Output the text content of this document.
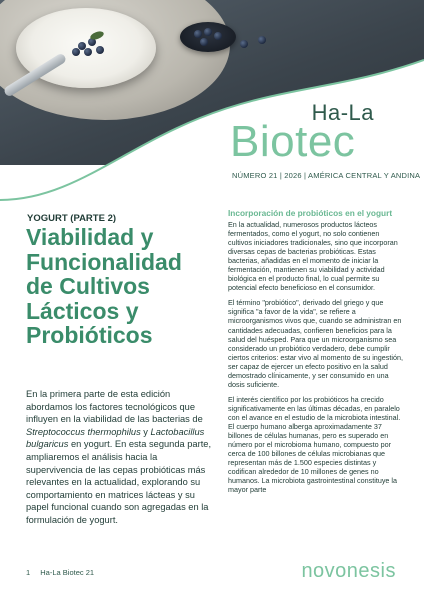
Ha-La
Biotec
NÚMERO 21 | 2026 | AMÉRICA CENTRAL Y ANDINA
YOGURT (PARTE 2)
Viabilidad y Funcionalidad de Cultivos Lácticos y Probióticos

En la primera parte de esta edición abordamos los factores tecnológicos que influyen en la viabilidad de las bacterias de Streptococcus thermophilus y Lactobacillus bulgaricus en yogurt. En esta segunda parte, ampliaremos el análisis hacia la supervivencia de las cepas probióticas más relevantes en la actualidad, explorando su comportamiento en matrices lácteas y su papel funcional cuando son agregadas en la formulación de yogurt.

Incorporación de probióticos en el yogurt

En la actualidad, numerosos productos lácteos fermentados, como el yogurt, no solo contienen cultivos iniciadores tradicionales, sino que incorporan diversas cepas de bacterias probióticas. Estas bacterias, añadidas en el momento de iniciar la fermentación, mantienen su viabilidad y actividad biológica en el producto final, lo cual permite su potencial efecto beneficioso en el consumidor.

El término "probiótico", derivado del griego y que significa "a favor de la vida", se refiere a microorganismos vivos que, cuando se administran en cantidades adecuadas, confieren beneficios para la salud del huésped. Para que un microorganismo sea considerado un probiótico verdadero, debe cumplir ciertos criterios: estar vivo al momento de su ingestión, ser capaz de ejercer un efecto positivo en la salud demostrado clínicamente, y ser consumido en una dosis suficiente.

El interés científico por los probióticos ha crecido significativamente en las últimas décadas, en paralelo con el avance en el estudio de la microbiota intestinal. El cuerpo humano alberga aproximadamente 37 billones de células humanas, pero es superado en número por el microbioma humano, compuesto por cerca de 100 billones de células microbianas que representan más de 1.500 especies distintas y codifican alrededor de 10 millones de genes no humanos. La microbiota gastrointestinal constituye la mayor parte

1 Ha-La Biotec 21	novonesis
